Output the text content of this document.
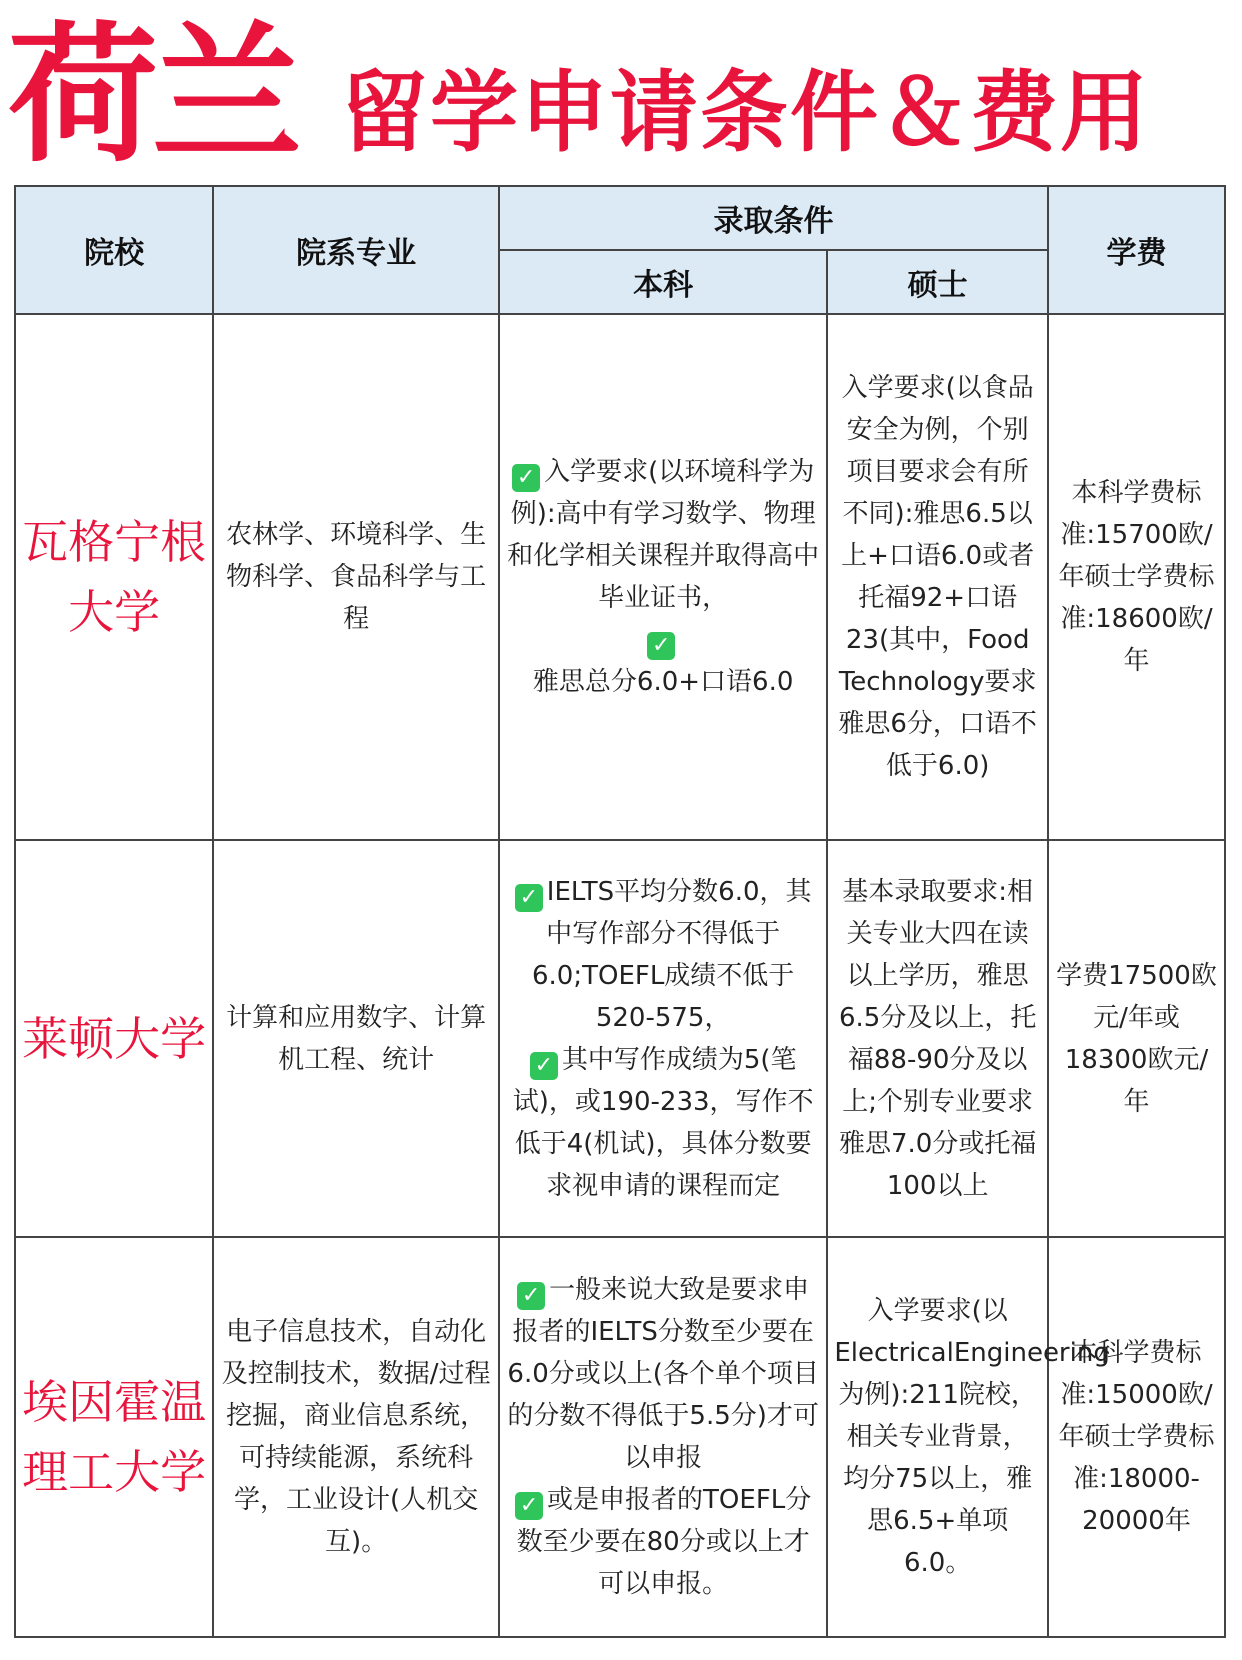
荷兰 留学申请条件＆费用
院校	院系专业	录取条件		学费
		本科	硕士	
瓦格宁根大学	农林学、环境科学、生物科学、食品科学与工程	✓ 入学要求(以环境科学为例):高中有学习数学、物理和化学相关课程并取得高中毕业证书，
✓
雅思总分6.0+口语6.0	入学要求(以食品安全为例，个别项目要求会有所不同):雅思6.5以上+口语6.0或者托福92+口语23(其中，Food Technology要求雅思6分，口语不低于6.0)	本科学费标准:15700欧/年硕士学费标准:18600欧/年
莱顿大学	计算和应用数字、计算机工程、统计	✓ IELTS平均分数6.0，其中写作部分不得低于6.0;TOEFL成绩不低于520-575，
✓ 其中写作成绩为5(笔试)，或190-233，写作不低于4(机试)，具体分数要求视申请的课程而定	基本录取要求:相关专业大四在读以上学历，雅思6.5分及以上，托福88-90分及以上;个别专业要求雅思7.0分或托福100以上	学费17500欧元/年或18300欧元/年
埃因霍温理工大学	电子信息技术，自动化及控制技术，数据/过程挖掘，商业信息系统，可持续能源，系统科学，工业设计(人机交互)。	✓ 一般来说大致是要求申报者的IELTS分数至少要在6.0分或以上(各个单个项目的分数不得低于5.5分)才可以申报
✓ 或是申报者的TOEFL分数至少要在80分或以上才可以申报。	入学要求(以 ElectricalEngineering为例):211院校，相关专业背景，均分75以上，雅思6.5+单项6.0。	本科学费标准:15000欧/年硕士学费标准:18000-20000年
